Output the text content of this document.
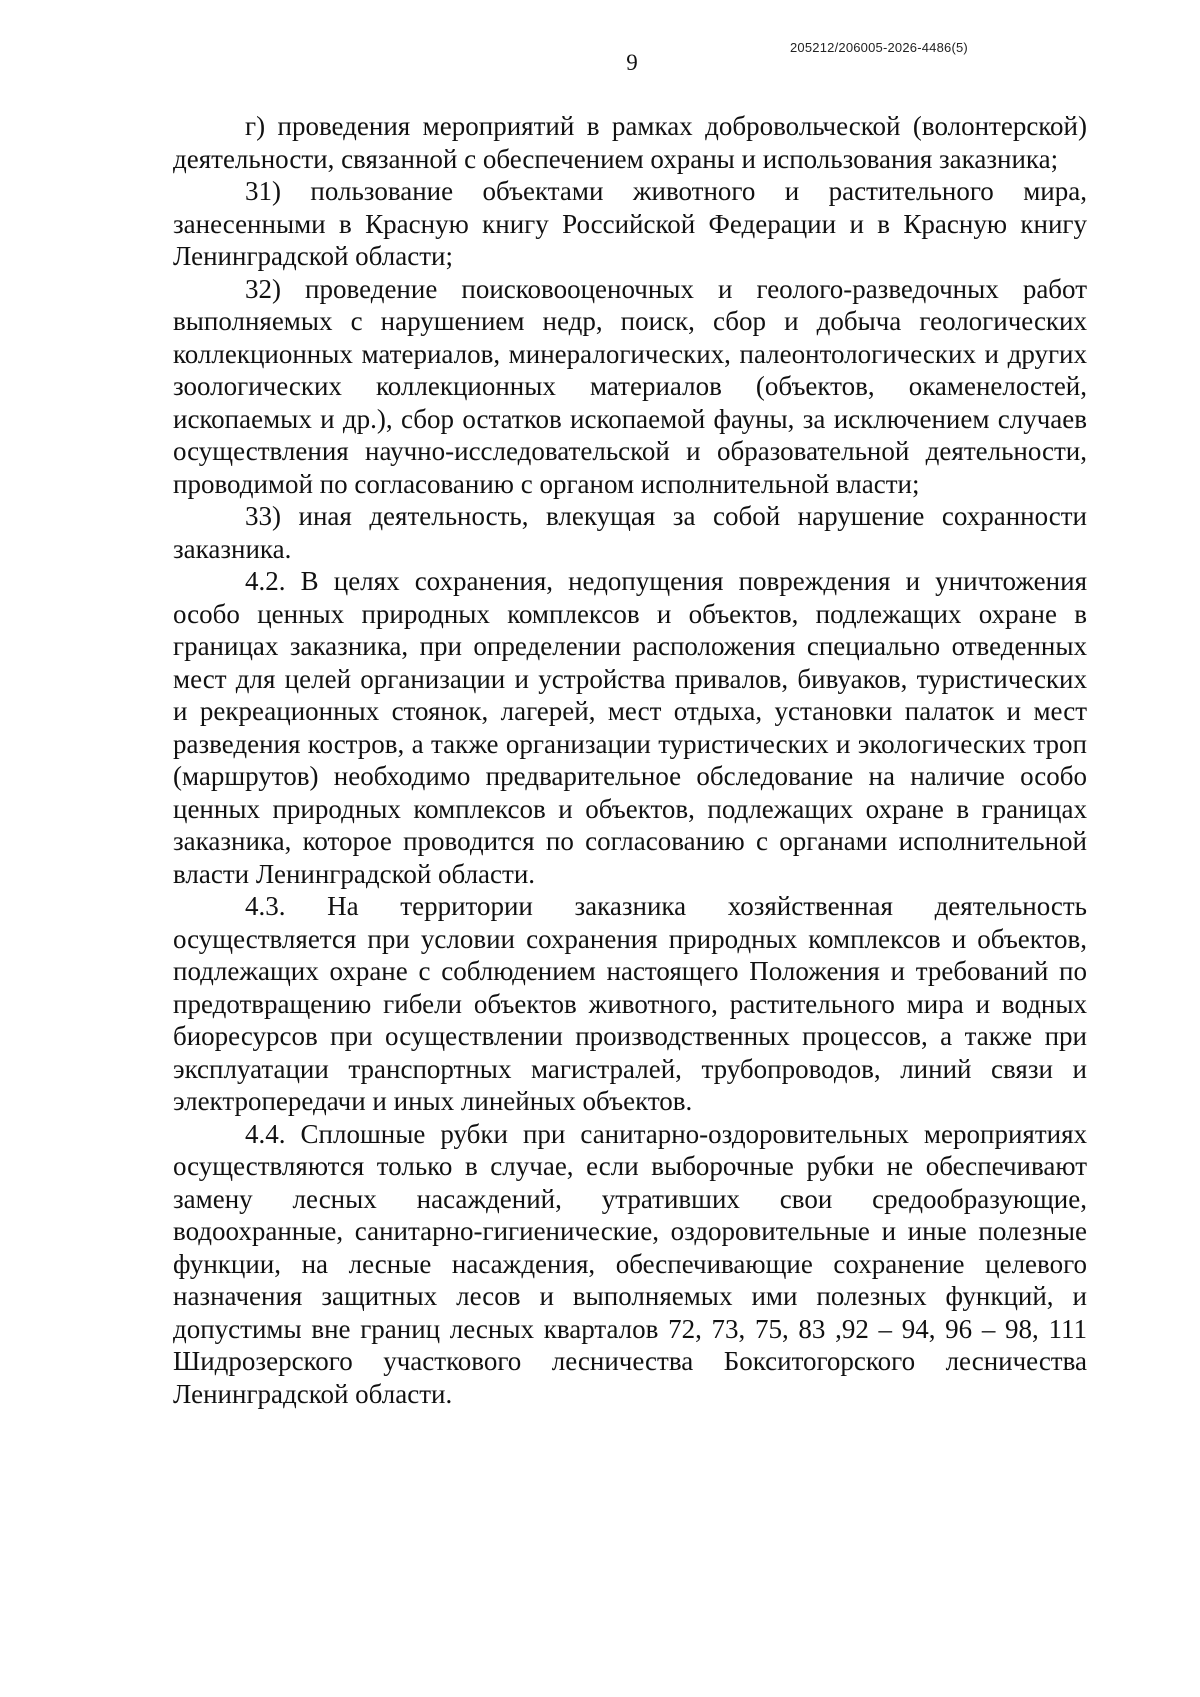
205212/206005-2026-4486(5)
9

г) проведения мероприятий в рамках добровольческой (волонтерской) деятельности, связанной с обеспечением охраны и использования заказника;

31) пользование объектами животного и растительного мира, занесенными в Красную книгу Российской Федерации и в Красную книгу Ленинградской области;

32) проведение поисковооценочных и геолого-разведочных работ выполняемых с нарушением недр, поиск, сбор и добыча геологических коллекционных материалов, минералогических, палеонтологических и других зоологических коллекционных материалов (объектов, окаменелостей, ископаемых и др.), сбор остатков ископаемой фауны, за исключением случаев осуществления научно-исследовательской и образовательной деятельности, проводимой по согласованию с органом исполнительной власти;

33) иная деятельность, влекущая за собой нарушение сохранности заказника.

4.2. В целях сохранения, недопущения повреждения и уничтожения особо ценных природных комплексов и объектов, подлежащих охране в границах заказника, при определении расположения специально отведенных мест для целей организации и устройства привалов, бивуаков, туристических и рекреационных стоянок, лагерей, мест отдыха, установки палаток и мест разведения костров, а также организации туристических и экологических троп (маршрутов) необходимо предварительное обследование на наличие особо ценных природных комплексов и объектов, подлежащих охране в границах заказника, которое проводится по согласованию с органами исполнительной власти Ленинградской области.

4.3. На территории заказника хозяйственная деятельность осуществляется при условии сохранения природных комплексов и объектов, подлежащих охране с соблюдением настоящего Положения и требований по предотвращению гибели объектов животного, растительного мира и водных биоресурсов при осуществлении производственных процессов, а также при эксплуатации транспортных магистралей, трубопроводов, линий связи и электропередачи и иных линейных объектов.

4.4. Сплошные рубки при санитарно-оздоровительных мероприятиях осуществляются только в случае, если выборочные рубки не обеспечивают замену лесных насаждений, утративших свои средообразующие, водоохранные, санитарно-гигиенические, оздоровительные и иные полезные функции, на лесные насаждения, обеспечивающие сохранение целевого назначения защитных лесов и выполняемых ими полезных функций, и допустимы вне границ лесных кварталов 72, 73, 75, 83 ,92 – 94, 96 – 98, 111 Шидрозерского участкового лесничества Бокситогорского лесничества Ленинградской области.
